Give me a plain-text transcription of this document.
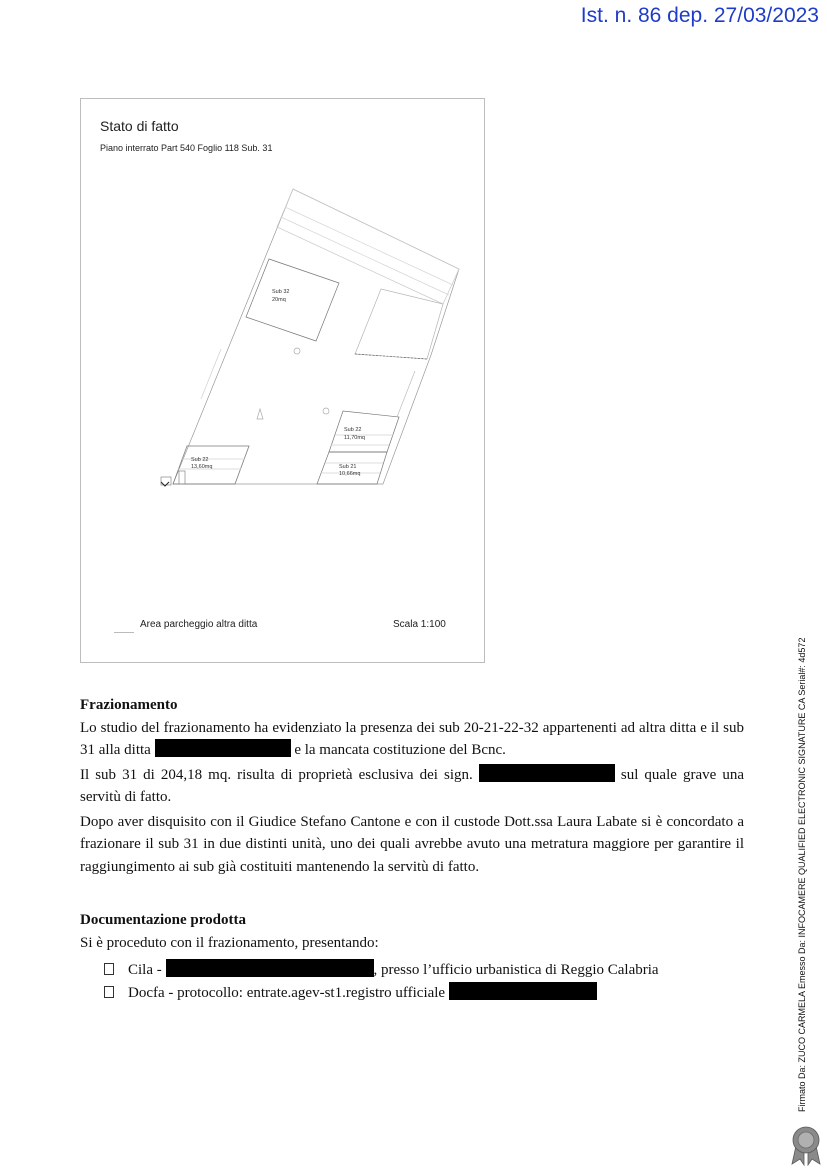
Ist. n. 86 dep. 27/03/2023
Stato di fatto
Piano interrato Part 540 Foglio 118 Sub. 31
Sub 32
20mq
Sub 22
11,70mq
Sub 22
13,60mq	Sub 21
10,66mq
Area parcheggio altra ditta	Scala 1:100
Frazionamento

Lo studio del frazionamento ha evidenziato la presenza dei sub 20-21-22-32 appartenenti ad altra ditta e il sub 31 alla ditta	e la mancata costituzione del Bcnc.

Il sub 31 di 204,18 mq. risulta di proprietà esclusiva dei sign.	sul quale grave una servitù di fatto.

Dopo aver disquisito con il Giudice Stefano Cantone e con il custode Dott.ssa Laura Labate si è concordato a frazionare il sub 31 in due distinti unità, uno dei quali avrebbe avuto una metratura maggiore per garantire il raggiungimento ai sub già costituiti mantenendo la servitù di fatto.

Documentazione prodotta

Si è proceduto con il frazionamento, presentando:

Cila -	, presso l’ufficio urbanistica di Reggio Calabria
Docfa - protocollo: entrate.agev-st1.registro ufficiale	Firmato Da: ZUCO CARMELA Emesso Da: INFOCAMERE QUALIFIED ELECTRONIC SIGNATURE CA Serial#: 4d572
